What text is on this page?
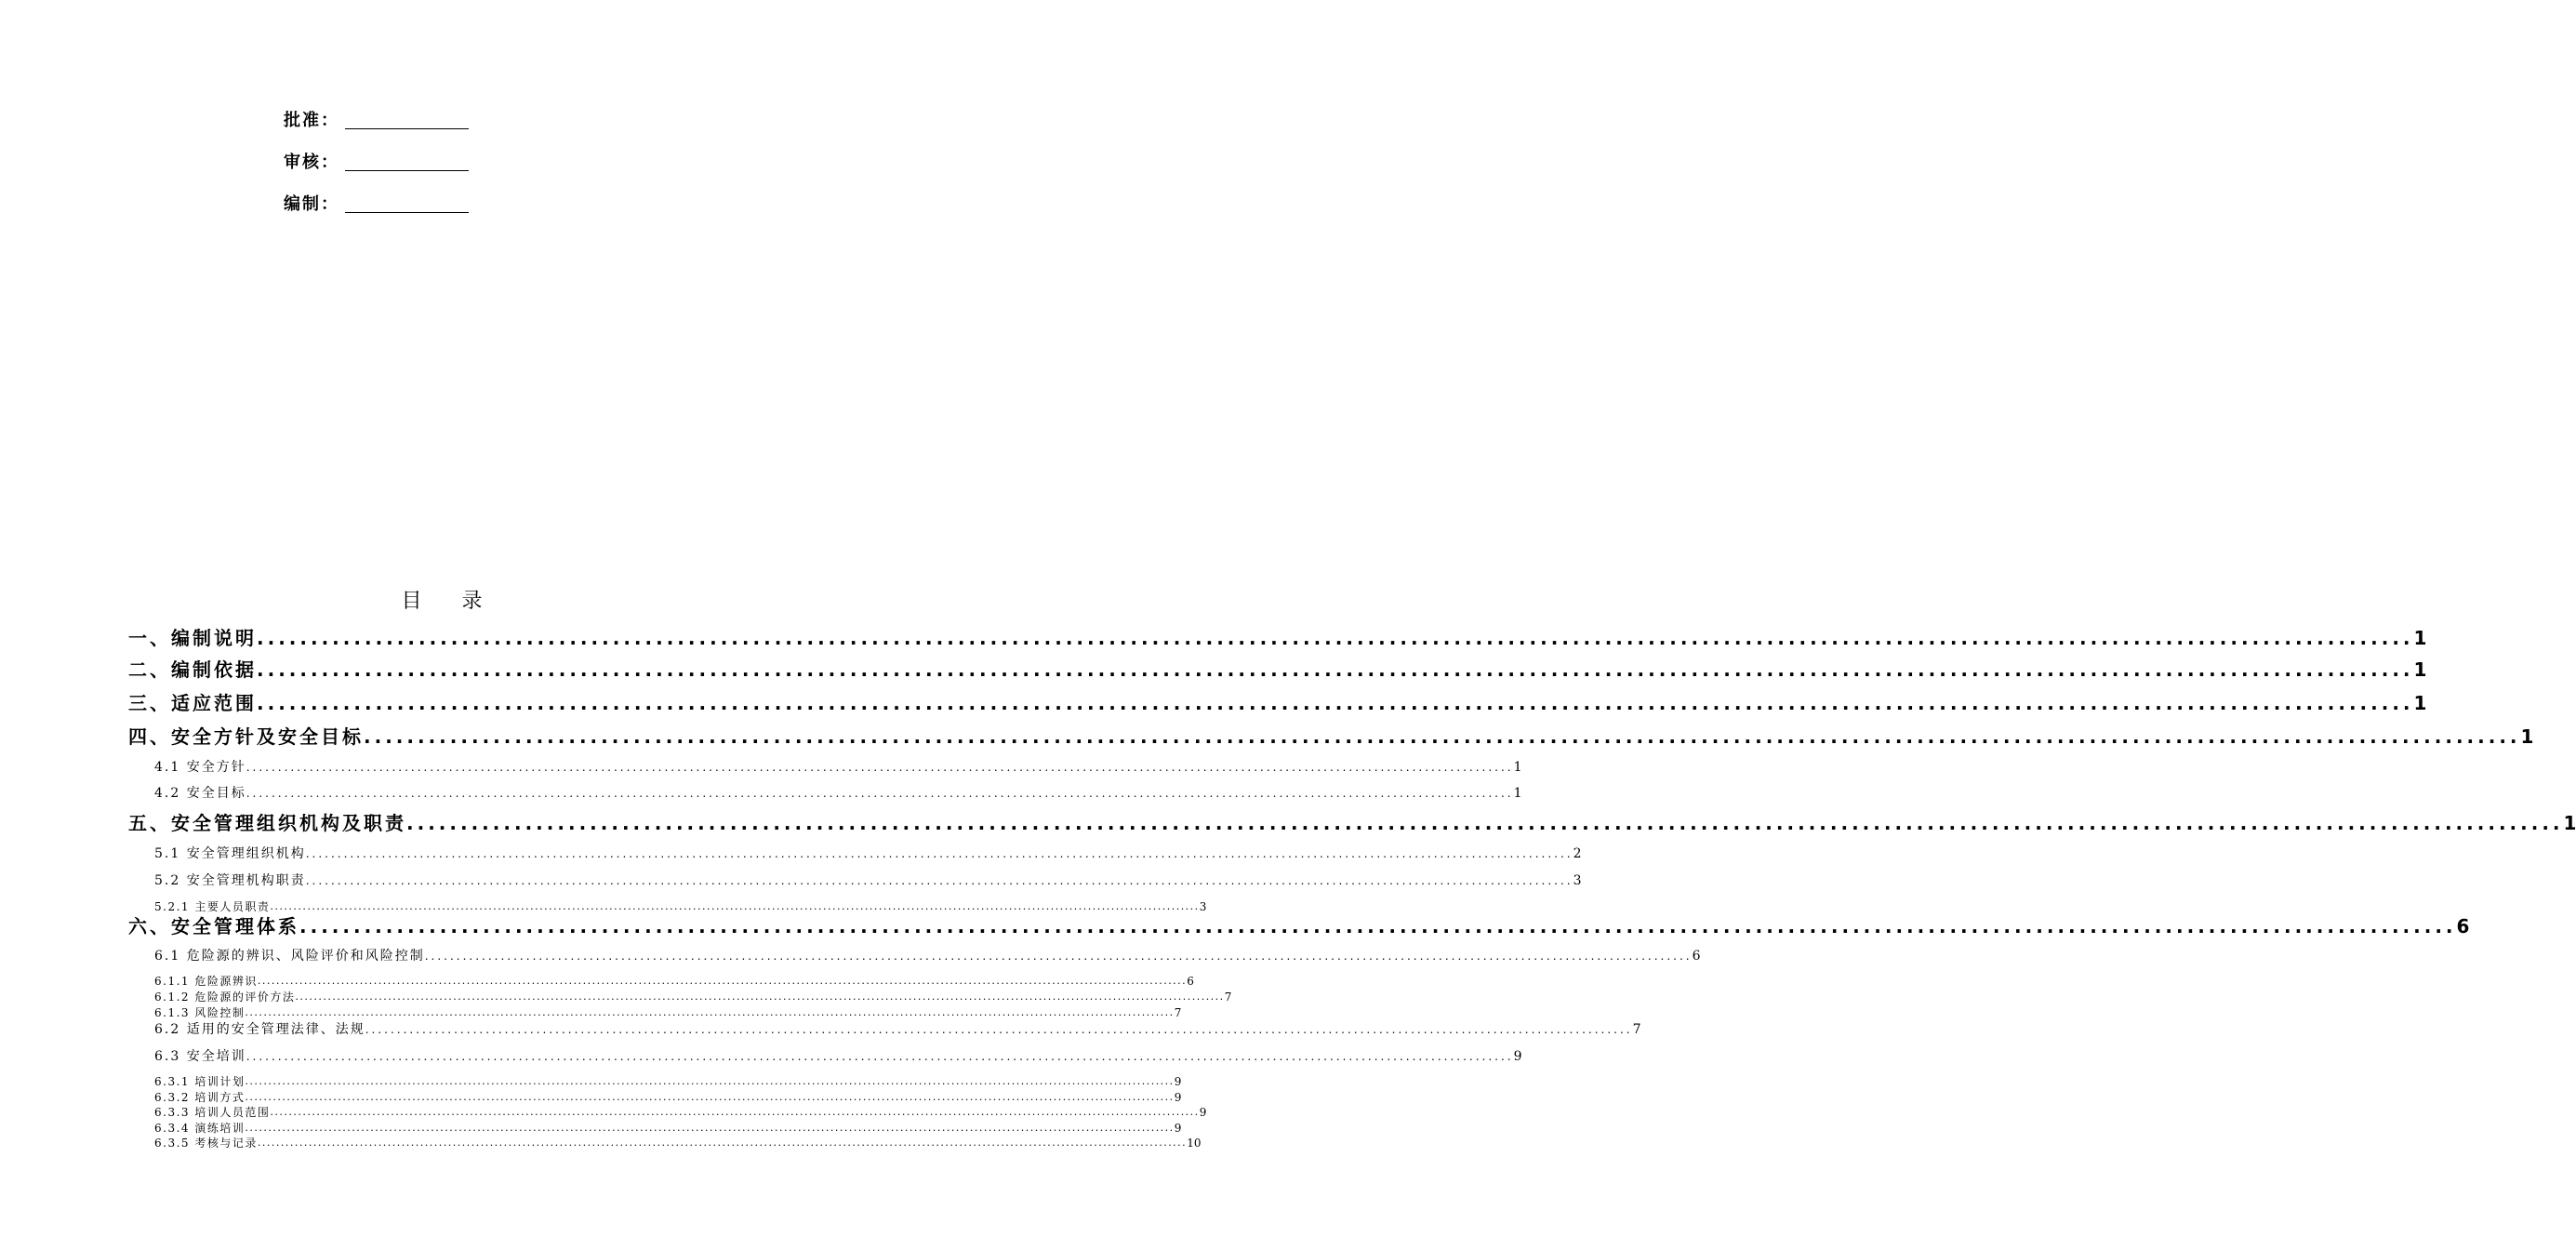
批准：
审核：
编制：
目 录
一、编制说明 ........................................................................................................................................................................................................ 1
二、编制依据 ........................................................................................................................................................................................................ 1
三、适应范围 ........................................................................................................................................................................................................ 1
四、安全方针及安全目标 ........................................................................................................................................................................................................ 1
4.1 安全方针 ........................................................................................................................................................................................................ 1
4.2 安全目标 ........................................................................................................................................................................................................ 1
五、安全管理组织机构及职责 ........................................................................................................................................................................................................ 1
5.1 安全管理组织机构 ........................................................................................................................................................................................................ 2
5.2 安全管理机构职责 ........................................................................................................................................................................................................ 3
5.2.1 主要人员职责 ........................................................................................................................................................................................................ 3
六、安全管理体系 ........................................................................................................................................................................................................ 6
6.1 危险源的辨识、风险评价和风险控制 ........................................................................................................................................................................................................ 6
6.1.1 危险源辨识 ........................................................................................................................................................................................................ 6
6.1.2 危险源的评价方法 ........................................................................................................................................................................................................ 7
6.1.3 风险控制 ........................................................................................................................................................................................................ 7
6.2 适用的安全管理法律、法规 ........................................................................................................................................................................................................ 7
6.3 安全培训 ........................................................................................................................................................................................................ 9
6.3.1 培训计划 ........................................................................................................................................................................................................ 9
6.3.2 培训方式 ........................................................................................................................................................................................................ 9
6.3.3 培训人员范围 ........................................................................................................................................................................................................ 9
6.3.4 演练培训 ........................................................................................................................................................................................................ 9
6.3.5 考核与记录 ........................................................................................................................................................................................................ 10
